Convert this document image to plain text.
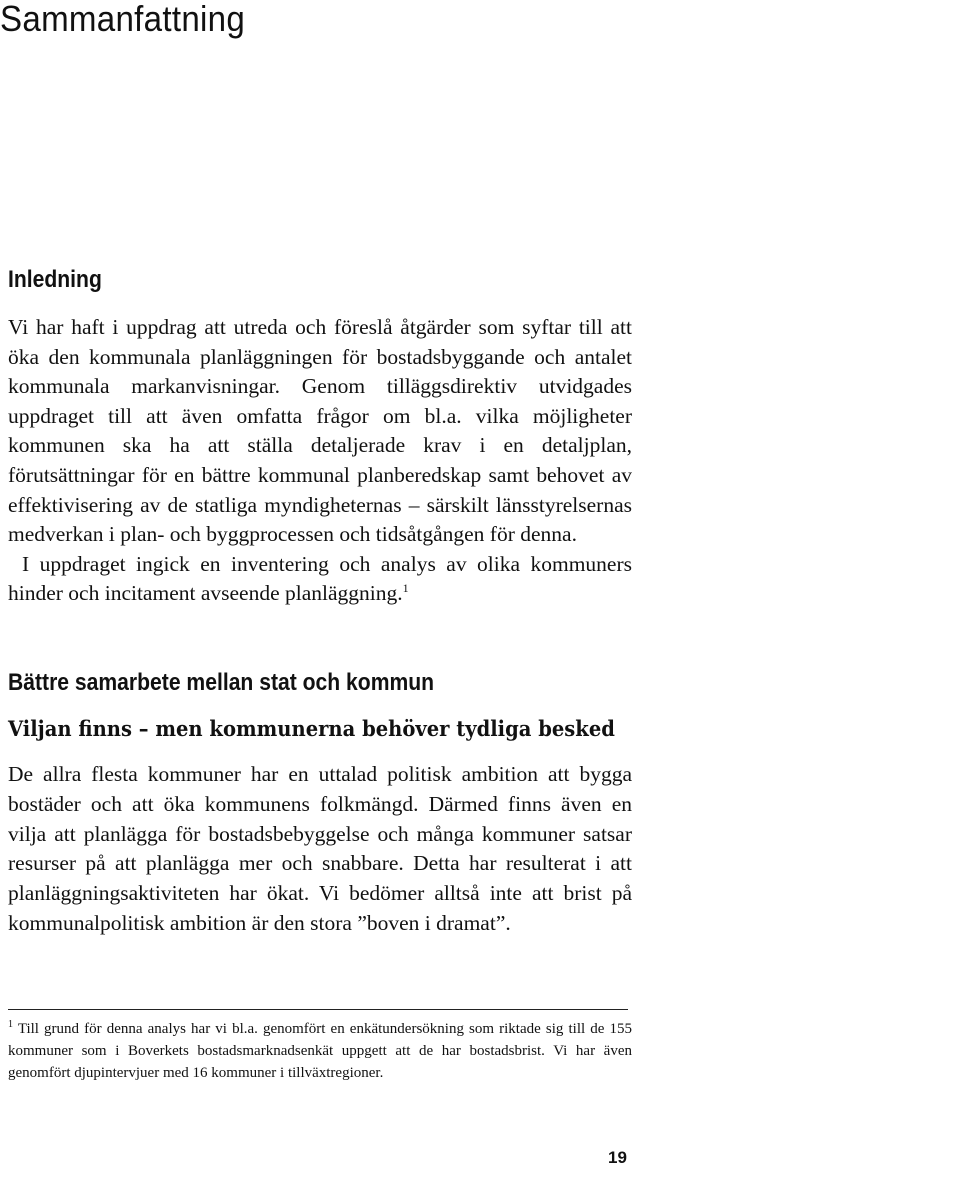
Sammanfattning
Inledning

Vi har haft i uppdrag att utreda och föreslå åtgärder som syftar till att öka den kommunala planläggningen för bostadsbyggande och antalet kommunala markanvisningar. Genom tilläggsdirektiv utvidgades uppdraget till att även omfatta frågor om bl.a. vilka möjligheter kommunen ska ha att ställa detaljerade krav i en detaljplan, förutsättningar för en bättre kommunal planberedskap samt behovet av effektivisering av de statliga myndigheternas – särskilt länsstyrelsernas medverkan i plan- och byggprocessen och tidsåtgången för denna.

I uppdraget ingick en inventering och analys av olika kommuners hinder och incitament avseende planläggning.$^1$

Bättre samarbete mellan stat och kommun
Viljan finns – men kommunerna behöver tydliga besked

De allra flesta kommuner har en uttalad politisk ambition att bygga bostäder och att öka kommunens folkmängd. Därmed finns även en vilja att planlägga för bostadsbebyggelse och många kommuner satsar resurser på att planlägga mer och snabbare. Detta har resulterat i att planläggningsaktiviteten har ökat. Vi bedömer alltså inte att brist på kommunalpolitisk ambition är den stora ”boven i dramat”.

$^1$ Till grund för denna analys har vi bl.a. genomfört en enkätundersökning som riktade sig till de 155 kommuner som i Boverkets bostadsmarknadsenkät uppgett att de har bostadsbrist. Vi har även genomfört djupintervjuer med 16 kommuner i tillväxtregioner.
19
